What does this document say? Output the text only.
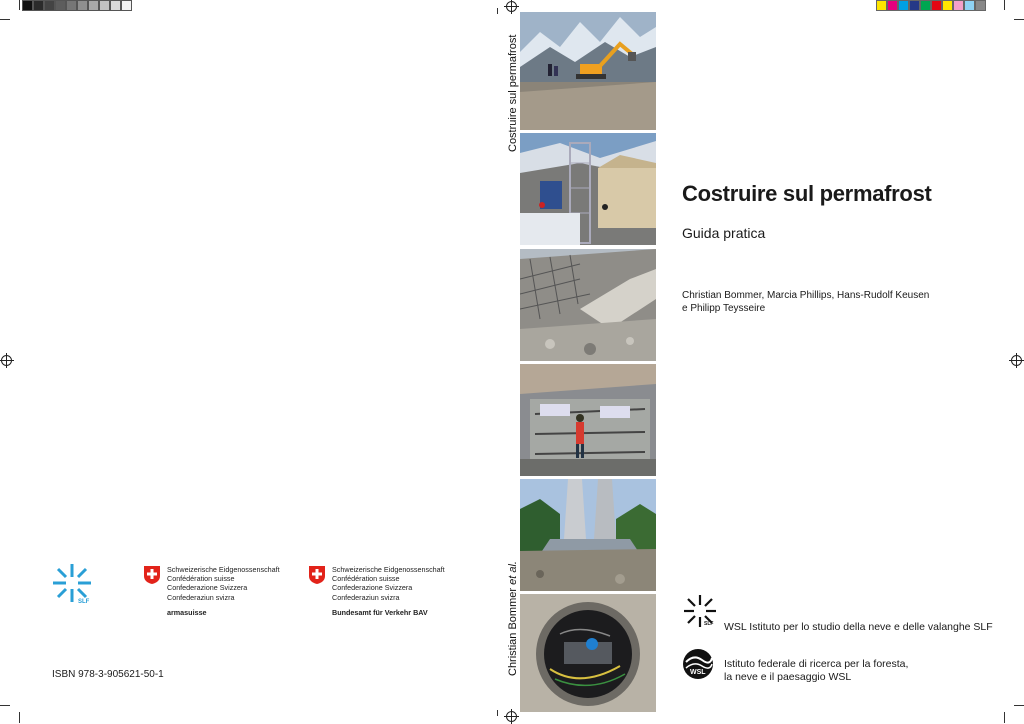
Costruire sul permafrost
Christian Bommer et al.
Costruire sul permafrost
Guida pratica
Christian Bommer, Marcia Phillips, Hans-Rudolf Keusen
e Philipp Teysseire
SLF WSL Istituto per lo studio della neve e delle valanghe SLF
WSL
Istituto federale di ricerca per la foresta,
la neve e il paesaggio WSL
SLF
Schweizerische Eidgenossenschaft
Confédération suisse
Confederazione Svizzera
Confederaziun svizra
armasuisse
Schweizerische Eidgenossenschaft
Confédération suisse
Confederazione Svizzera
Confederaziun svizra
Bundesamt für Verkehr BAV
ISBN 978-3-905621-50-1
